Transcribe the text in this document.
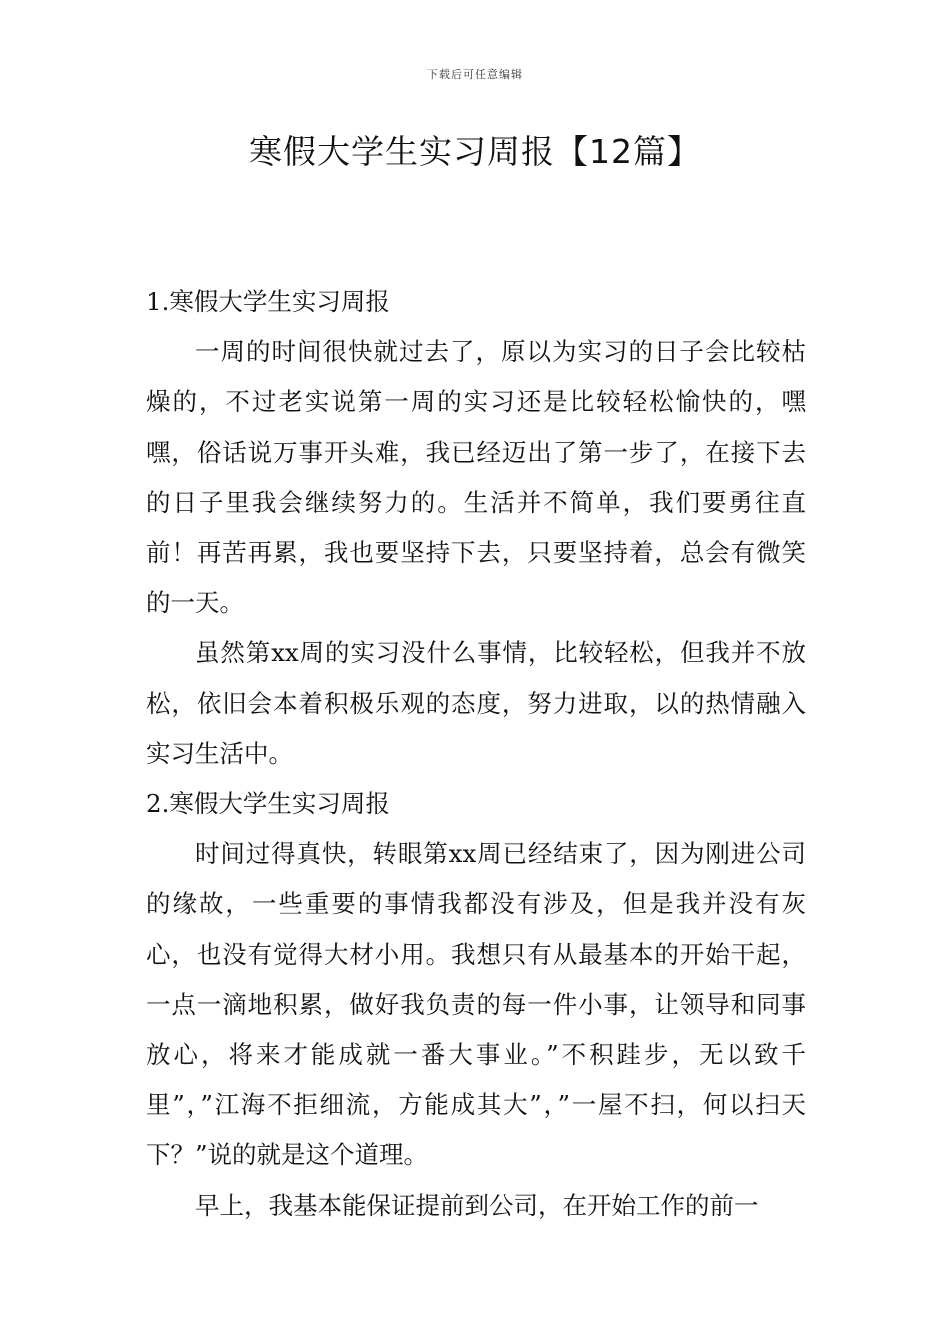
下载后可任意编辑
寒假大学生实习周报【12篇】

1.寒假大学生实习周报

一周的时间很快就过去了，原以为实习的日子会比较枯燥的，不过老实说第一周的实习还是比较轻松愉快的，嘿嘿，俗话说万事开头难，我已经迈出了第一步了，在接下去的日子里我会继续努力的。生活并不简单，我们要勇往直前！再苦再累，我也要坚持下去，只要坚持着，总会有微笑的一天。

虽然第xx周的实习没什么事情，比较轻松，但我并不放松，依旧会本着积极乐观的态度，努力进取，以的热情融入实习生活中。

2.寒假大学生实习周报

时间过得真快，转眼第xx周已经结束了，因为刚进公司的缘故，一些重要的事情我都没有涉及，但是我并没有灰心，也没有觉得大材小用。我想只有从最基本的开始干起，一点一滴地积累，做好我负责的每一件小事，让领导和同事放心，将来才能成就一番大事业。”不积跬步，无以致千里”，”江海不拒细流，方能成其大”，”一屋不扫，何以扫天下？”说的就是这个道理。

早上，我基本能保证提前到公司，在开始工作的前一
